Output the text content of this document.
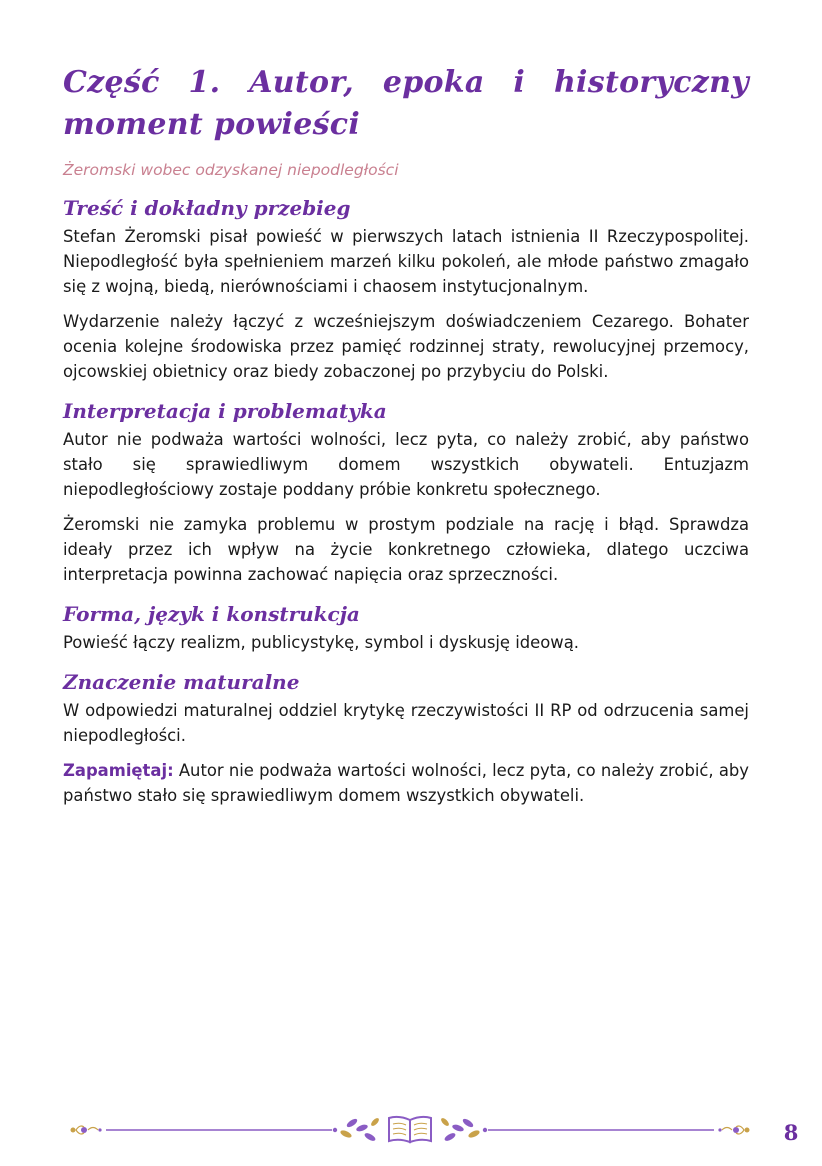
Część 1. Autor, epoka i historyczny moment powieści
Żeromski wobec odzyskanej niepodległości
Treść i dokładny przebieg

Stefan Żeromski pisał powieść w pierwszych latach istnienia II Rzeczypospolitej. Niepodległość była spełnieniem marzeń kilku pokoleń, ale młode państwo zmagało się z wojną, biedą, nierównościami i chaosem instytucjonalnym.

Wydarzenie należy łączyć z wcześniejszym doświadczeniem Cezarego. Bohater ocenia kolejne środowiska przez pamięć rodzinnej straty, rewolucyjnej przemocy, ojcowskiej obietnicy oraz biedy zobaczonej po przybyciu do Polski.

Interpretacja i problematyka

Autor nie podważa wartości wolności, lecz pyta, co należy zrobić, aby państwo stało się sprawiedliwym domem wszystkich obywateli. Entuzjazm niepodległościowy zostaje poddany próbie konkretu społecznego.

Żeromski nie zamyka problemu w prostym podziale na rację i błąd. Sprawdza ideały przez ich wpływ na życie konkretnego człowieka, dlatego uczciwa interpretacja powinna zachować napięcia oraz sprzeczności.

Forma, język i konstrukcja

Powieść łączy realizm, publicystykę, symbol i dyskusję ideową.

Znaczenie maturalne

W odpowiedzi maturalnej oddziel krytykę rzeczywistości II RP od odrzucenia samej niepodległości.

Zapamiętaj: Autor nie podważa wartości wolności, lecz pyta, co należy zrobić, aby państwo stało się sprawiedliwym domem wszystkich obywateli.

8
